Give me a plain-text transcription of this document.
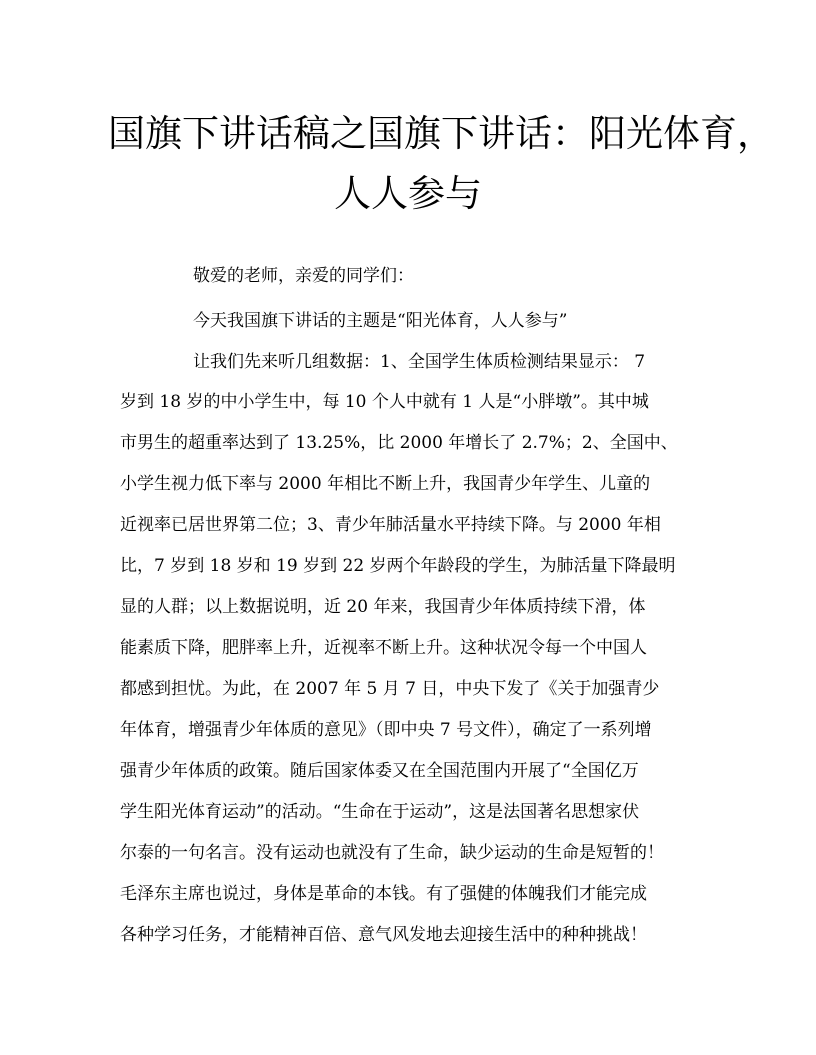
国旗下讲话稿之国旗下讲话：阳光体育，
人人参与
敬爱的老师，亲爱的同学们：
今天我国旗下讲话的主题是“阳光体育，人人参与”
让我们先来听几组数据：1、全国学生体质检测结果显示： 7
岁到 18 岁的中小学生中，每 10 个人中就有 1 人是“小胖墩”。其中城
市男生的超重率达到了 13.25%，比 2000 年增长了 2.7%；2、全国中、
小学生视力低下率与 2000 年相比不断上升，我国青少年学生、儿童的
近视率已居世界第二位；3、青少年肺活量水平持续下降。与 2000 年相
比，7 岁到 18 岁和 19 岁到 22 岁两个年龄段的学生，为肺活量下降最明
显的人群；以上数据说明，近 20 年来，我国青少年体质持续下滑，体
能素质下降，肥胖率上升，近视率不断上升。这种状况令每一个中国人
都感到担忧。为此，在 2007 年 5 月 7 日，中央下发了《关于加强青少
年体育，增强青少年体质的意见》（即中央 7 号文件），确定了一系列增
强青少年体质的政策。随后国家体委又在全国范围内开展了“全国亿万
学生阳光体育运动”的活动。“生命在于运动”，这是法国著名思想家伏
尔泰的一句名言。没有运动也就没有了生命，缺少运动的生命是短暂的！
毛泽东主席也说过，身体是革命的本钱。有了强健的体魄我们才能完成
各种学习任务，才能精神百倍、意气风发地去迎接生活中的种种挑战！
